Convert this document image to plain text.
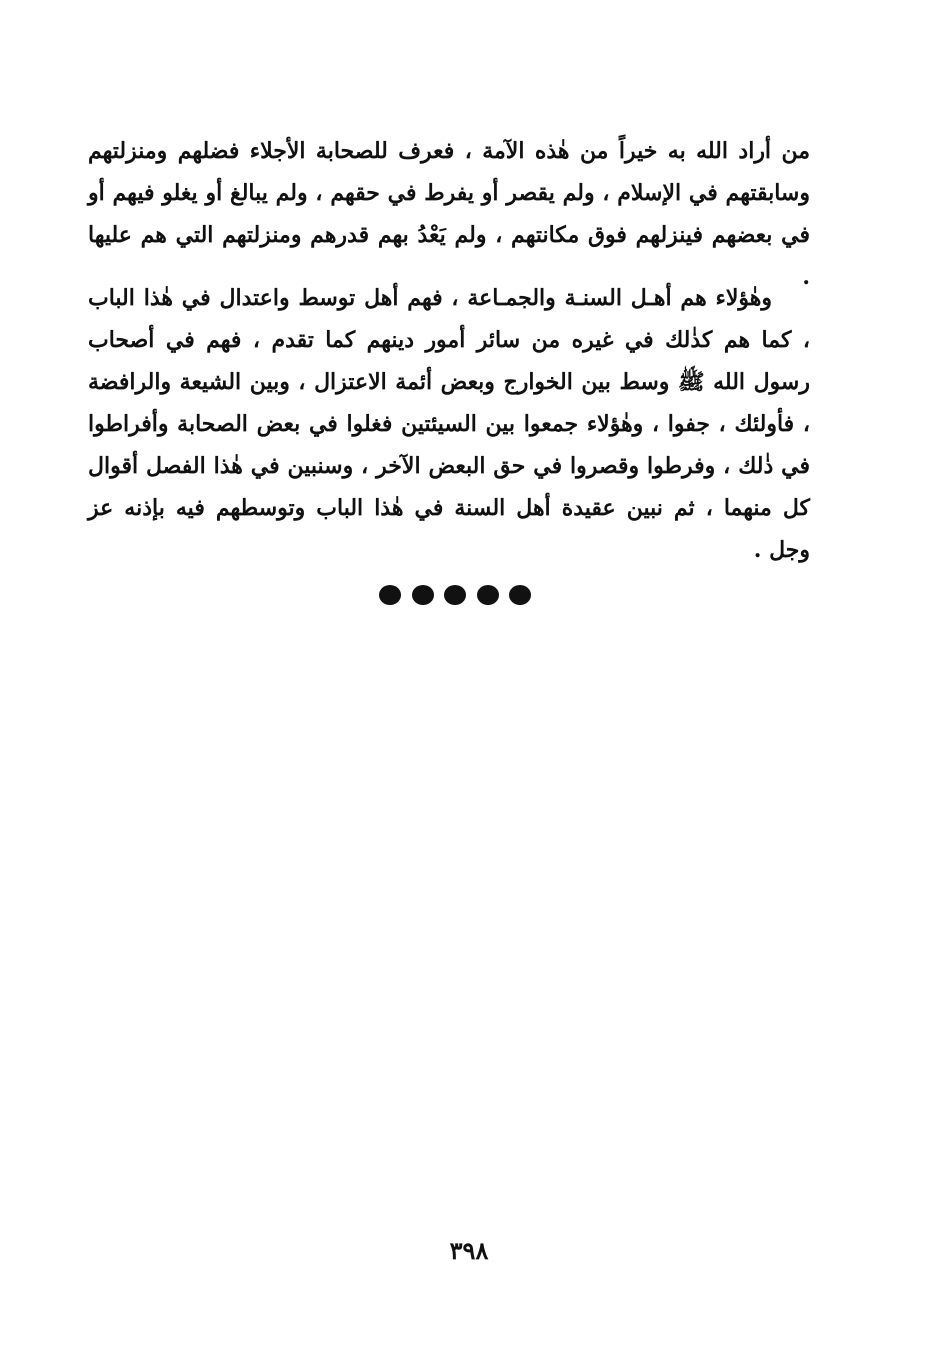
من أراد الله به خيراً من هٰذه الآمة ، فعرف للصحابة الأجلاء فضلهم ومنزلتهم وسابقتهم في الإسلام ، ولم يقصر أو يفرط في حقهم ، ولم يبالغ أو يغلو فيهم أو في بعضهم فينزلهم فوق مكانتهم ، ولم يَعْدُ بهم قدرهم ومنزلتهم التي هم عليها .

وهٰؤلاء هم أهـل السنـة والجمـاعة ، فهم أهل توسط واعتدال في هٰذا الباب ، كما هم كذٰلك في غيره من سائر أمور دينهم كما تقدم ، فهم في أصحاب رسول الله ﷺ وسط بين الخوارج وبعض أئمة الاعتزال ، وبين الشيعة والرافضة ، فأولئك ، جفوا ، وهٰؤلاء جمعوا بين السيئتين فغلوا في بعض الصحابة وأفراطوا في ذٰلك ، وفرطوا وقصروا في حق البعض الآخر ، وسنبين في هٰذا الفصل أقوال كل منهما ، ثم نبين عقيدة أهل السنة في هٰذا الباب وتوسطهم فيه بإذنه عز وجل .

٣٩٨
